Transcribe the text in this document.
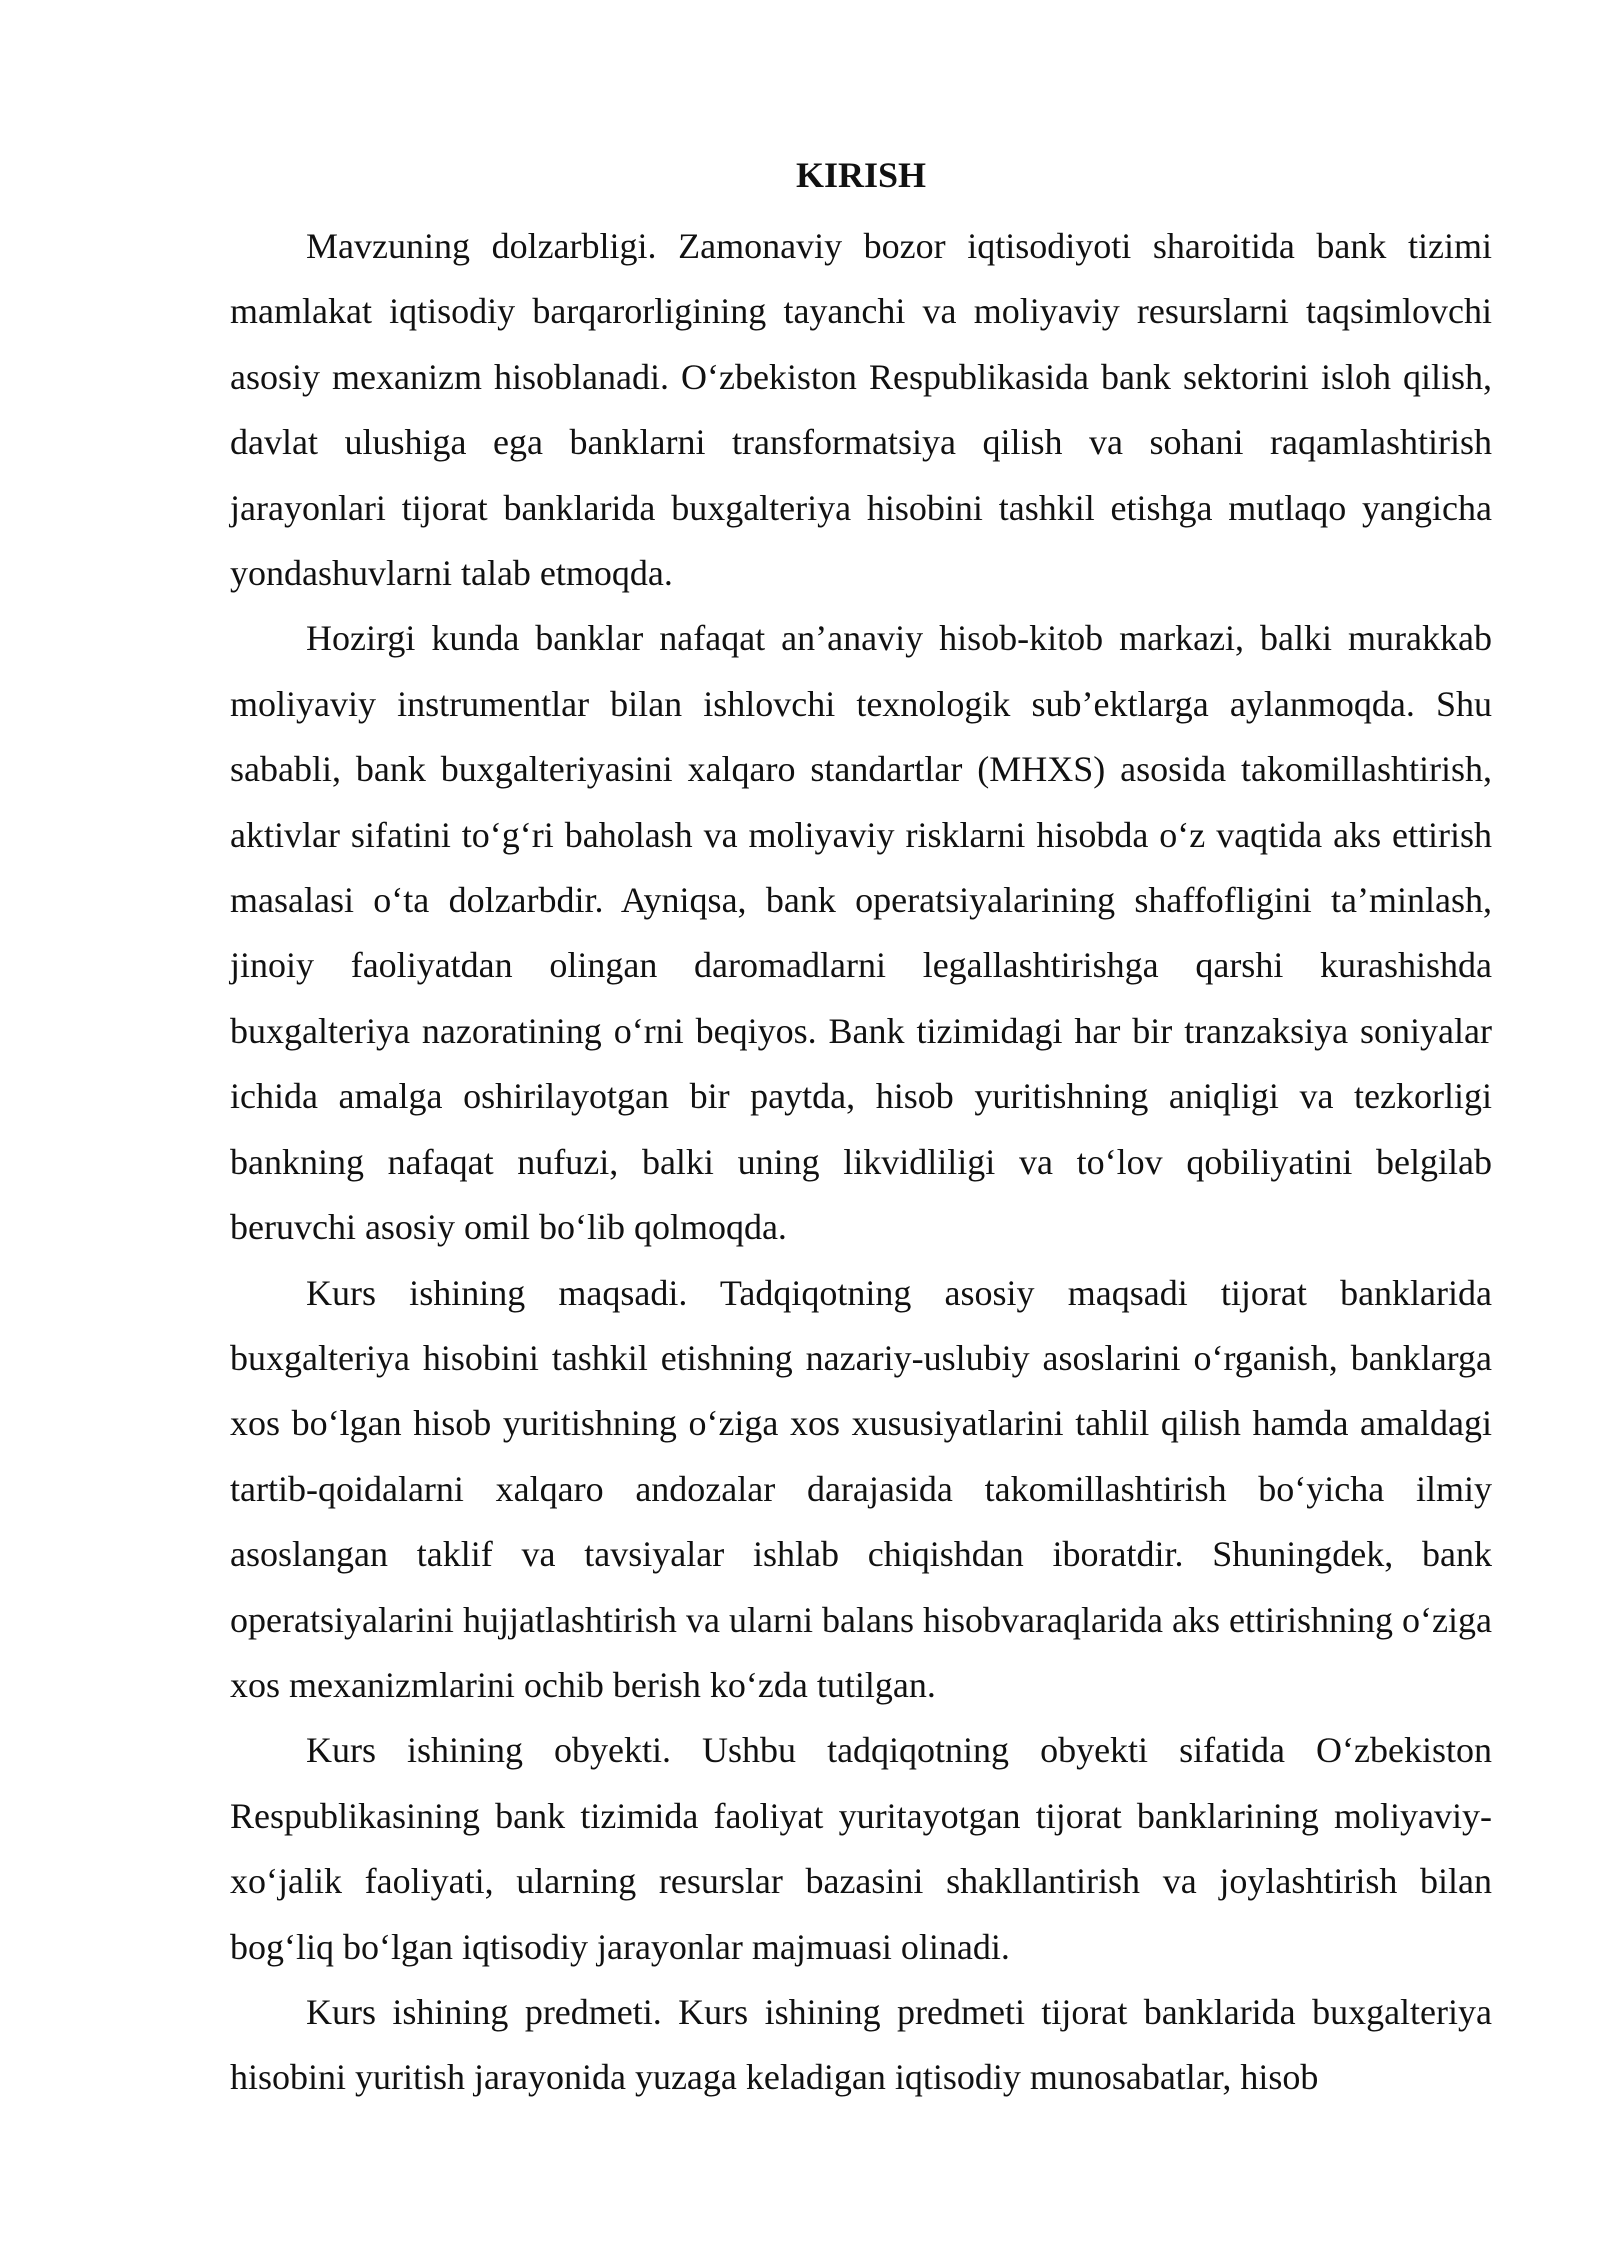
KIRISH

Mavzuning dolzarbligi. Zamonaviy bozor iqtisodiyoti sharoitida bank tizimi mamlakat iqtisodiy barqarorligining tayanchi va moliyaviy resurslarni taqsimlovchi asosiy mexanizm hisoblanadi. Oʻzbekiston Respublikasida bank sektorini isloh qilish, davlat ulushiga ega banklarni transformatsiya qilish va sohani raqamlashtirish jarayonlari tijorat banklarida buxgalteriya hisobini tashkil etishga mutlaqo yangicha yondashuvlarni talab etmoqda.

Hozirgi kunda banklar nafaqat an’anaviy hisob-kitob markazi, balki murakkab moliyaviy instrumentlar bilan ishlovchi texnologik sub’ektlarga aylanmoqda. Shu sababli, bank buxgalteriyasini xalqaro standartlar (MHXS) asosida takomillashtirish, aktivlar sifatini toʻgʻri baholash va moliyaviy risklarni hisobda oʻz vaqtida aks ettirish masalasi oʻta dolzarbdir. Ayniqsa, bank operatsiyalarining shaffofligini ta’minlash, jinoiy faoliyatdan olingan daromadlarni legallashtirishga qarshi kurashishda buxgalteriya nazoratining oʻrni beqiyos. Bank tizimidagi har bir tranzaksiya soniyalar ichida amalga oshirilayotgan bir paytda, hisob yuritishning aniqligi va tezkorligi bankning nafaqat nufuzi, balki uning likvidliligi va toʻlov qobiliyatini belgilab beruvchi asosiy omil boʻlib qolmoqda.

Kurs ishining maqsadi. Tadqiqotning asosiy maqsadi tijorat banklarida buxgalteriya hisobini tashkil etishning nazariy-uslubiy asoslarini oʻrganish, banklarga xos boʻlgan hisob yuritishning oʻziga xos xususiyatlarini tahlil qilish hamda amaldagi tartib-qoidalarni xalqaro andozalar darajasida takomillashtirish boʻyicha ilmiy asoslangan taklif va tavsiyalar ishlab chiqishdan iboratdir. Shuningdek, bank operatsiyalarini hujjatlashtirish va ularni balans hisobvaraqlarida aks ettirishning oʻziga xos mexanizmlarini ochib berish koʻzda tutilgan.

Kurs ishining obyekti. Ushbu tadqiqotning obyekti sifatida Oʻzbekiston Respublikasining bank tizimida faoliyat yuritayotgan tijorat banklarining moliyaviy-xoʻjalik faoliyati, ularning resurslar bazasini shakllantirish va joylashtirish bilan bogʻliq boʻlgan iqtisodiy jarayonlar majmuasi olinadi.

Kurs ishining predmeti. Kurs ishining predmeti tijorat banklarida buxgalteriya hisobini yuritish jarayonida yuzaga keladigan iqtisodiy munosabatlar, hisob
